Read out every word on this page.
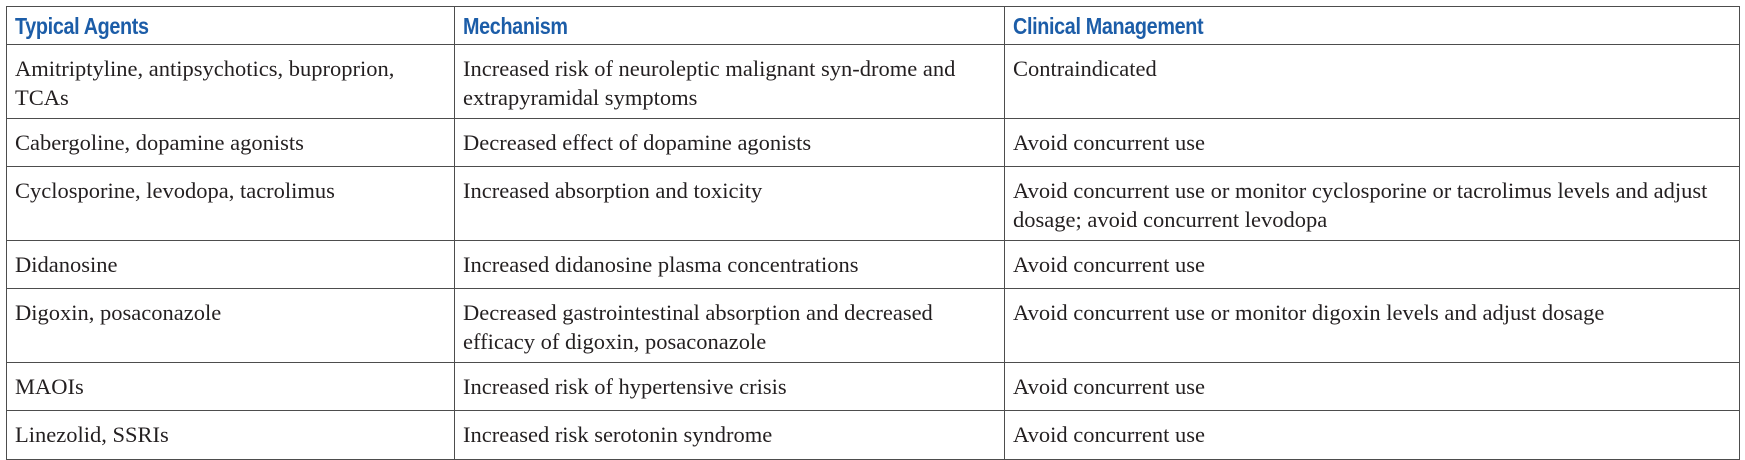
Typical Agents	Mechanism	Clinical Management
Amitriptyline, antipsychotics, buproprion, TCAs	Increased risk of neuroleptic malignant syn-drome and extrapyramidal symptoms	Contraindicated
Cabergoline, dopamine agonists	Decreased effect of dopamine agonists	Avoid concurrent use
Cyclosporine, levodopa, tacrolimus	Increased absorption and toxicity	Avoid concurrent use or monitor cyclosporine or tacrolimus levels and adjust dosage; avoid concurrent levodopa
Didanosine	Increased didanosine plasma concentrations	Avoid concurrent use
Digoxin, posaconazole	Decreased gastrointestinal absorption and decreased efficacy of digoxin, posaconazole	Avoid concurrent use or monitor digoxin levels and adjust dosage
MAOIs	Increased risk of hypertensive crisis	Avoid concurrent use
Linezolid, SSRIs	Increased risk serotonin syndrome	Avoid concurrent use
